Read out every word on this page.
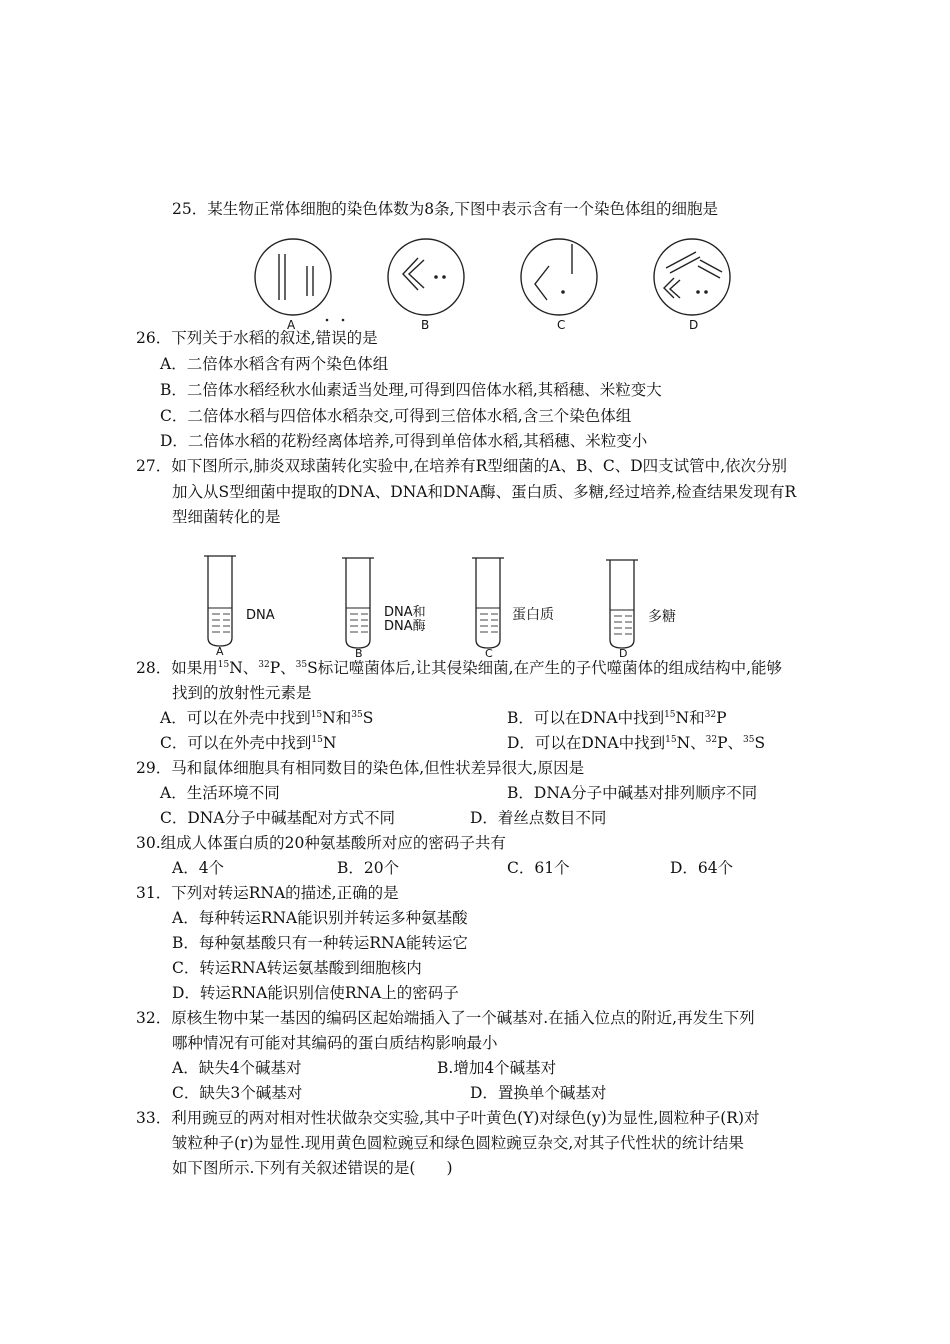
25．某生物正常体细胞的染色体数为8条,下图中表示含有一个染色体组的细胞是
A	B	C	D
26．下列关于水稻的叙述,错误的是
A．二倍体水稻含有两个染色体组
B．二倍体水稻经秋水仙素适当处理,可得到四倍体水稻,其稻穗、米粒变大
C．二倍体水稻与四倍体水稻杂交,可得到三倍体水稻,含三个染色体组
D．二倍体水稻的花粉经离体培养,可得到单倍体水稻,其稻穗、米粒变小
27．如下图所示,肺炎双球菌转化实验中,在培养有R型细菌的A、B、C、D四支试管中,依次分别
加入从S型细菌中提取的DNA、DNA和DNA酶、蛋白质、多糖,经过培养,检查结果发现有R
型细菌转化的是
DNA	DNA和
DNA酶
蛋白质	多糖
A	B	C	D
28．如果用$^{15}$N、$^{32}$P、$^{35}$S标记噬菌体后,让其侵染细菌,在产生的子代噬菌体的组成结构中,能够
找到的放射性元素是
A．可以在外壳中找到$^{15}$N和$^{35}$S	B．可以在DNA中找到$^{15}$N和$^{32}$P
C．可以在外壳中找到$^{15}$N	D．可以在DNA中找到$^{15}$N、$^{32}$P、$^{35}$S
29．马和鼠体细胞具有相同数目的染色体,但性状差异很大,原因是
A．生活环境不同	B．DNA分子中碱基对排列顺序不同
C．DNA分子中碱基配对方式不同	D．着丝点数目不同
30.组成人体蛋白质的20种氨基酸所对应的密码子共有
A．4个	B．20个	C．61个	D．64个
31．下列对转运RNA的描述,正确的是
A．每种转运RNA能识别并转运多种氨基酸
B．每种氨基酸只有一种转运RNA能转运它
C．转运RNA转运氨基酸到细胞核内
D．转运RNA能识别信使RNA上的密码子
32．原核生物中某一基因的编码区起始端插入了一个碱基对.在插入位点的附近,再发生下列
哪种情况有可能对其编码的蛋白质结构影响最小
A．缺失4个碱基对	B.增加4个碱基对
C．缺失3个碱基对	D．置换单个碱基对
33．利用豌豆的两对相对性状做杂交实验,其中子叶黄色(Y)对绿色(y)为显性,圆粒种子(R)对
皱粒种子(r)为显性.现用黄色圆粒豌豆和绿色圆粒豌豆杂交,对其子代性状的统计结果
如下图所示.下列有关叙述错误的是(　　)
